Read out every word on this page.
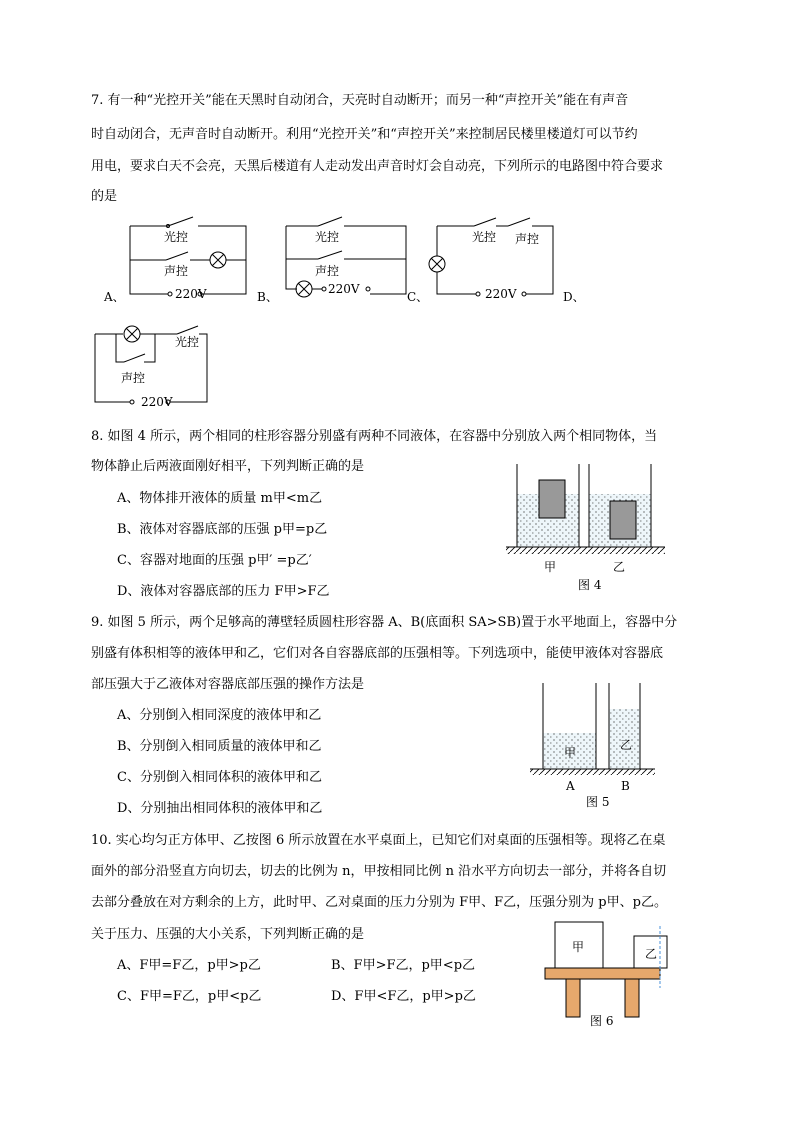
7. 有一种“光控开关”能在天黑时自动闭合，天亮时自动断开；而另一种“声控开关”能在有声音
时自动闭合，无声音时自动断开。利用“光控开关”和“声控开关”来控制居民楼里楼道灯可以节约
用电，要求白天不会亮，天黑后楼道有人走动发出声音时灯会自动亮，下列所示的电路图中符合要求
的是
光控
声控
220V
光控
声控
220V
光控 声控
220V
光控
声控
220V
A、	B、	C、	D、
8. 如图 4 所示，两个相同的柱形容器分别盛有两种不同液体，在容器中分别放入两个相同物体，当
物体静止后两液面刚好相平，下列判断正确的是
A、物体排开液体的质量 m甲<m乙
B、液体对容器底部的压强 p甲=p乙
C、容器对地面的压强 p甲′ =p乙′
D、液体对容器底部的压力 F甲>F乙
甲	乙
图 4
9. 如图 5 所示，两个足够高的薄壁轻质圆柱形容器 A、B(底面积 SA>SB)置于水平地面上，容器中分
别盛有体积相等的液体甲和乙，它们对各自容器底部的压强相等。下列选项中，能使甲液体对容器底
部压强大于乙液体对容器底部压强的操作方法是
A、分别倒入相同深度的液体甲和乙
B、分别倒入相同质量的液体甲和乙
C、分别倒入相同体积的液体甲和乙
D、分别抽出相同体积的液体甲和乙
甲
乙
A	B
图 5
10. 实心均匀正方体甲、乙按图 6 所示放置在水平桌面上，已知它们对桌面的压强相等。现将乙在桌
面外的部分沿竖直方向切去，切去的比例为 n，甲按相同比例 n 沿水平方向切去一部分，并将各自切
去部分叠放在对方剩余的上方，此时甲、乙对桌面的压力分别为 F甲、F乙，压强分别为 p甲、p乙。
关于压力、压强的大小关系，下列判断正确的是
A、F甲=F乙，p甲>p乙	B、F甲>F乙，p甲<p乙
C、F甲=F乙，p甲<p乙	D、F甲<F乙，p甲>p乙
甲	乙
图 6
